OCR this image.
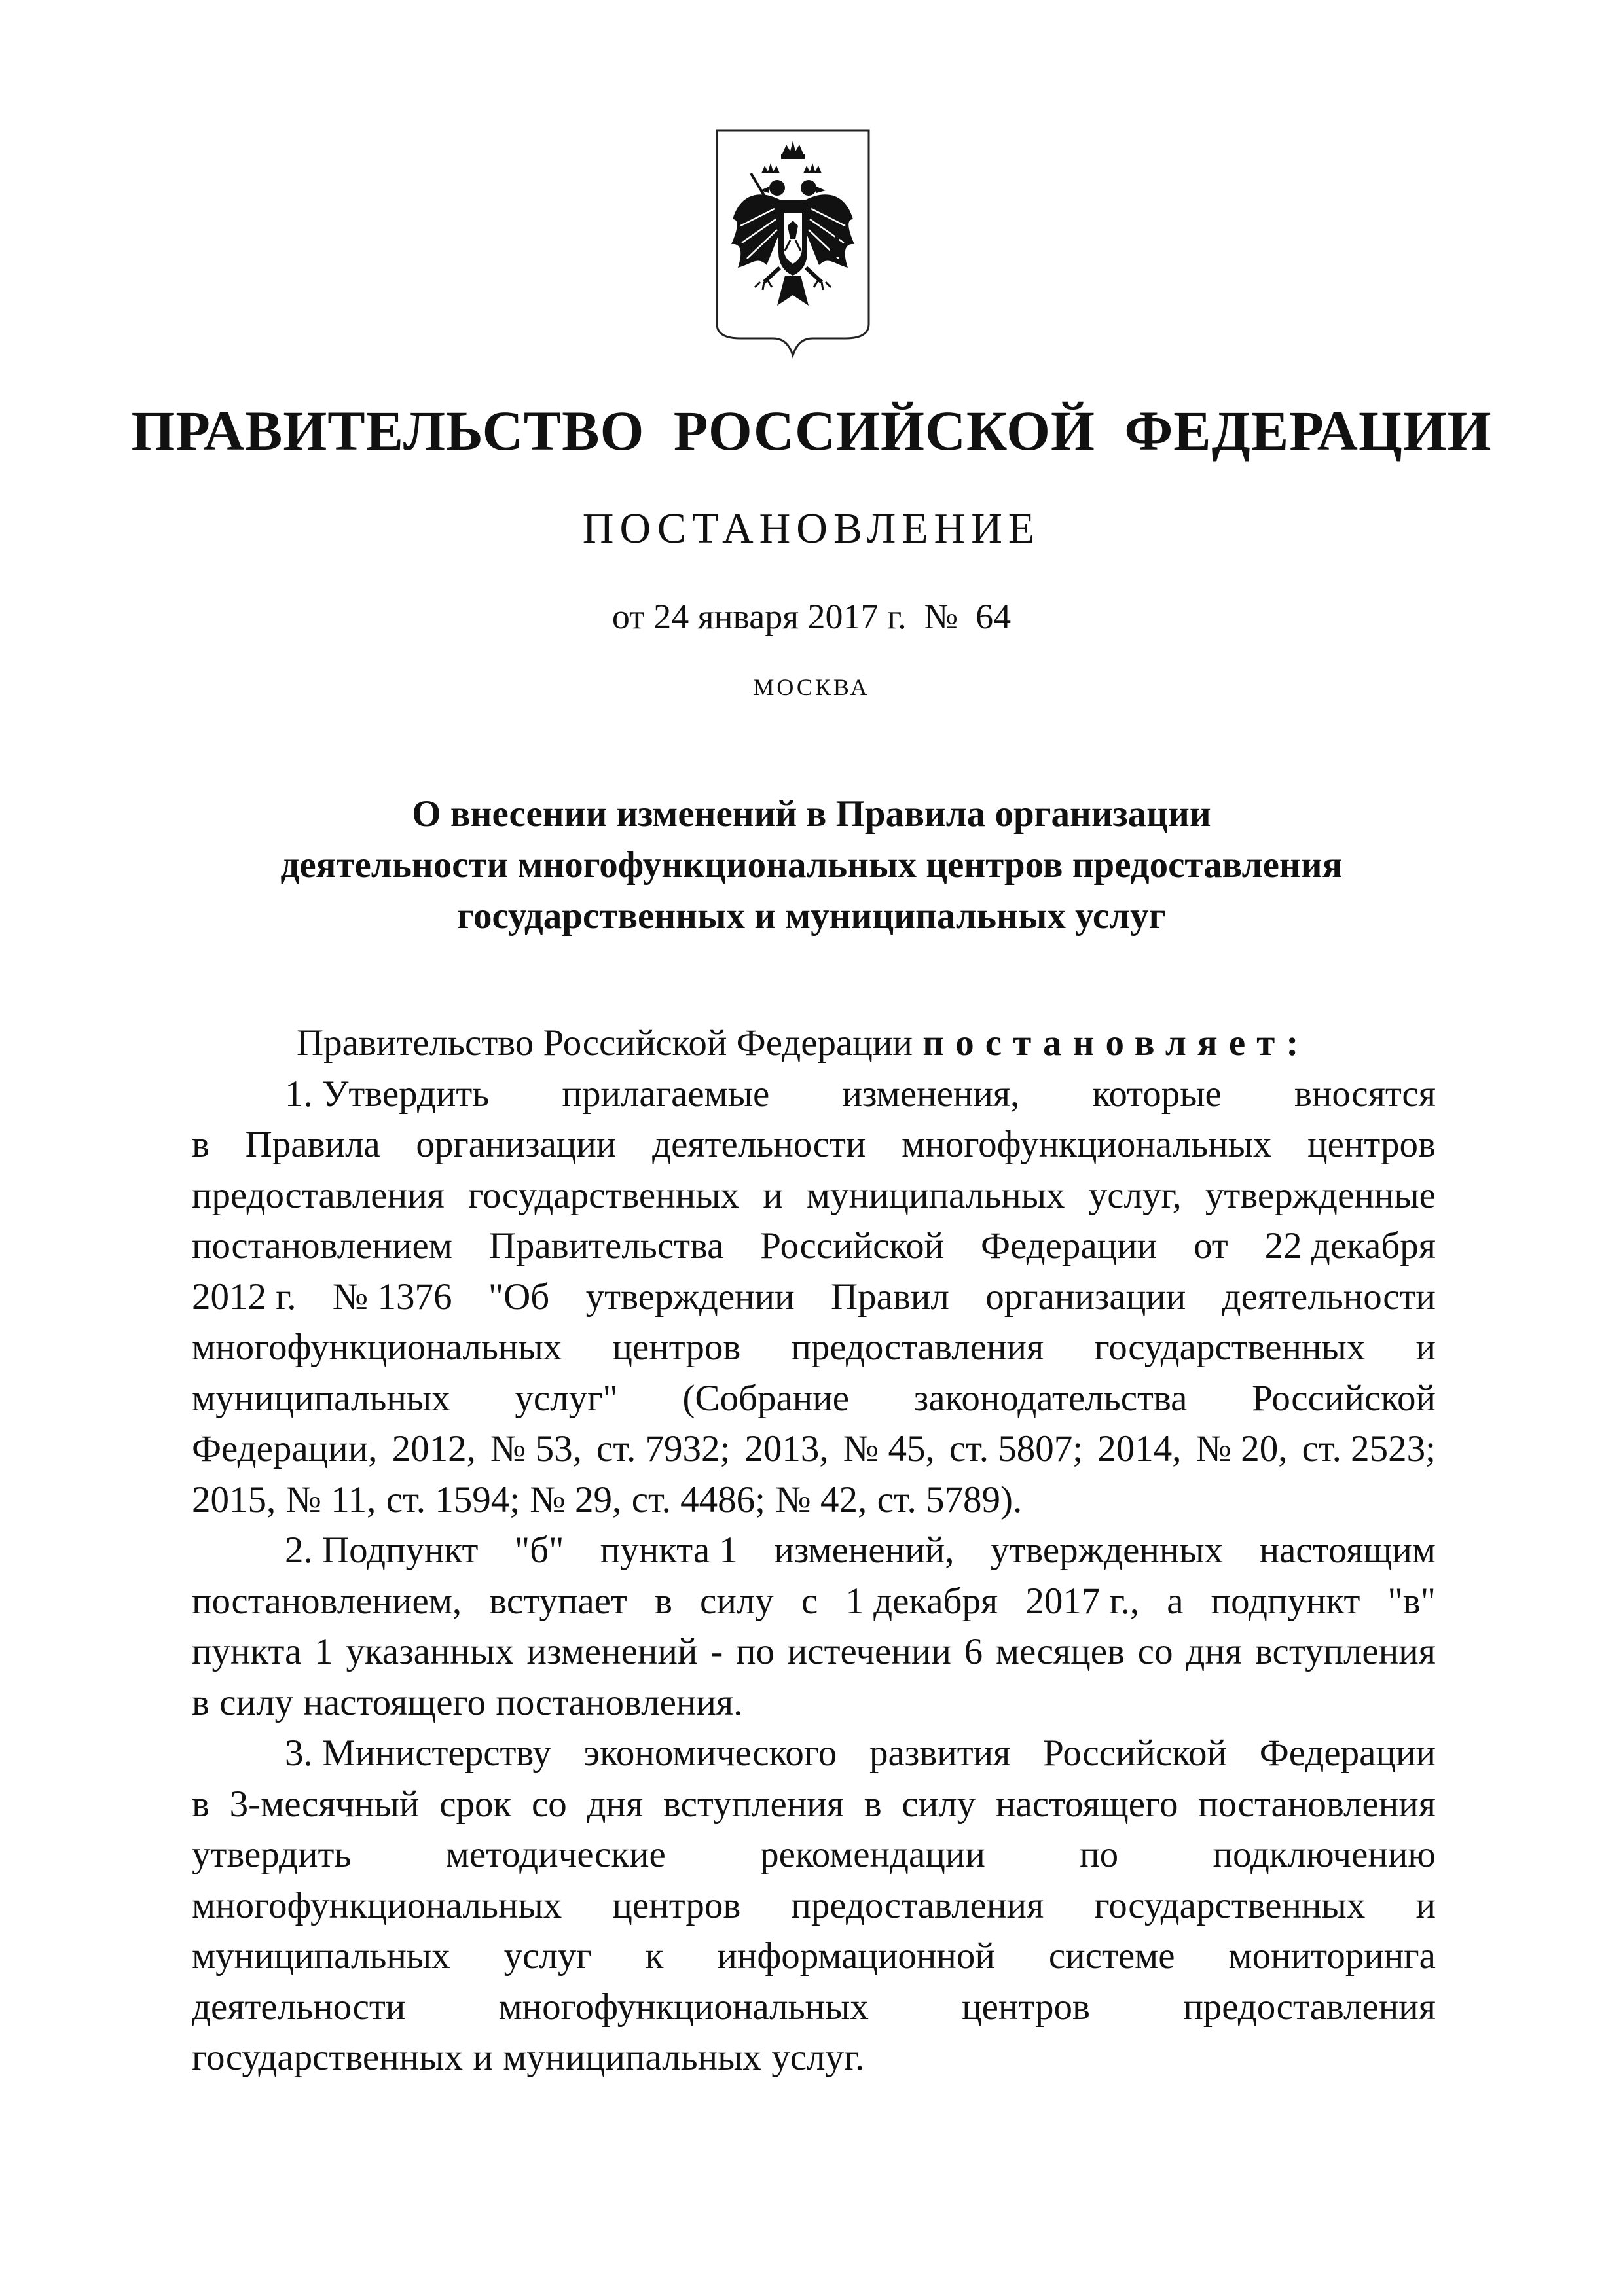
ПРАВИТЕЛЬСТВО РОССИЙСКОЙ ФЕДЕРАЦИИ
ПОСТАНОВЛЕНИЕ
от 24 января 2017 г. № 64
МОСКВА
О внесении изменений в Правила организации
деятельности многофункциональных центров предоставления
государственных и муниципальных услуг
Правительство Российской Федерации постановляет:
1. Утвердить прилагаемые изменения, которые вносятся
в Правила организации деятельности многофункциональных центров
предоставления государственных и муниципальных услуг, утвержденные
постановлением Правительства Российской Федерации от 22 декабря
2012 г. № 1376 "Об утверждении Правил организации деятельности
многофункциональных центров предоставления государственных и
муниципальных услуг" (Собрание законодательства Российской
Федерации, 2012, № 53, ст. 7932; 2013, № 45, ст. 5807; 2014, № 20, ст. 2523;
2015, № 11, ст. 1594; № 29, ст. 4486; № 42, ст. 5789).
2. Подпункт "б" пункта 1 изменений, утвержденных настоящим
постановлением, вступает в силу с 1 декабря 2017 г., а подпункт "в"
пункта 1 указанных изменений - по истечении 6 месяцев со дня вступления
в силу настоящего постановления.
3. Министерству экономического развития Российской Федерации
в 3-месячный срок со дня вступления в силу настоящего постановления
утвердить	методические	рекомендации	по	подключению
многофункциональных центров предоставления государственных и
муниципальных услуг к информационной системе мониторинга
деятельности многофункциональных центров предоставления
государственных и муниципальных услуг.
